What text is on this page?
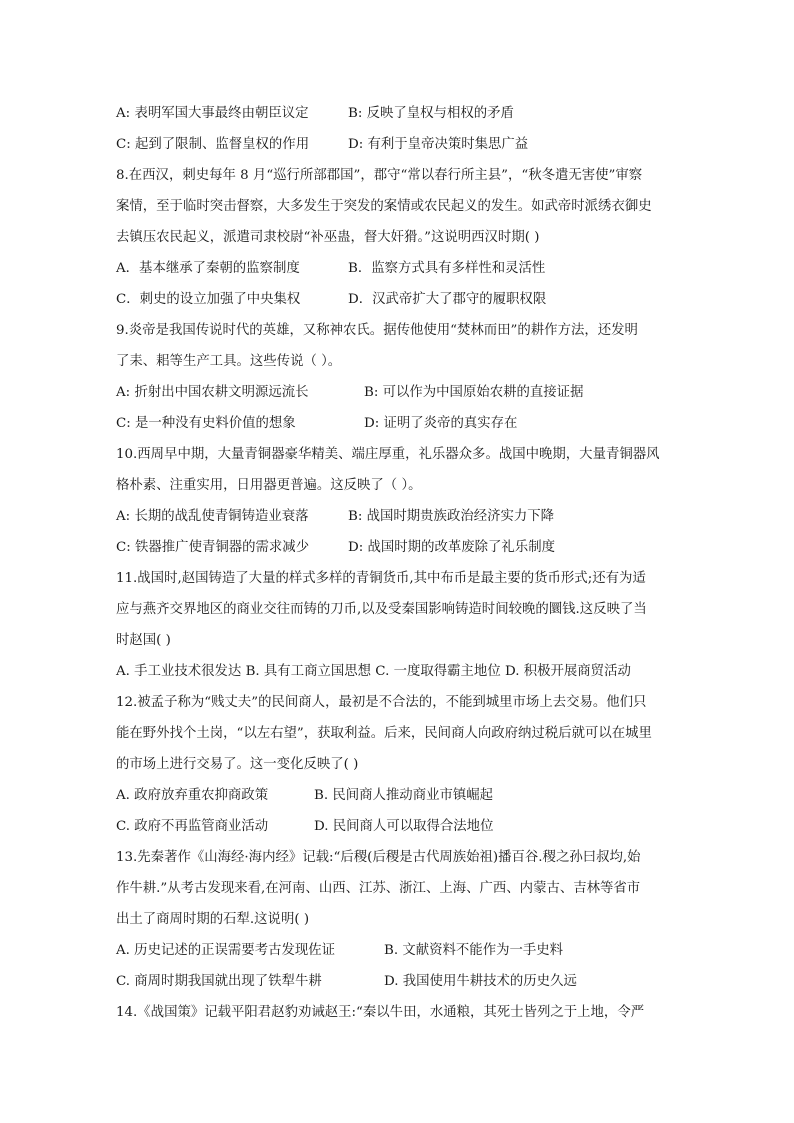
A: 表明军国大事最终由朝臣议定	B: 反映了皇权与相权的矛盾
C: 起到了限制、监督皇权的作用	D: 有利于皇帝决策时集思广益
8.在西汉，刺史每年 8 月“巡行所部郡国”，郡守“常以春行所主县”，“秋冬遣无害使”审察
案情，至于临时突击督察，大多发生于突发的案情或农民起义的发生。如武帝时派绣衣御史
去镇压农民起义，派遣司隶校尉“补巫蛊，督大奸猾。”这说明西汉时期( )
A．基本继承了秦朝的监察制度	B．监察方式具有多样性和灵活性
C．刺史的设立加强了中央集权	D．汉武帝扩大了郡守的履职权限
9.炎帝是我国传说时代的英雄，又称神农氏。据传他使用“焚林而田”的耕作方法，还发明
了耒、耜等生产工具。这些传说（ ）。
A: 折射出中国农耕文明源远流长	B: 可以作为中国原始农耕的直接证据
C: 是一种没有史料价值的想象	D: 证明了炎帝的真实存在
10.西周早中期，大量青铜器豪华精美、端庄厚重，礼乐器众多。战国中晚期，大量青铜器风
格朴素、注重实用，日用器更普遍。这反映了（ ）。
A: 长期的战乱使青铜铸造业衰落	B: 战国时期贵族政治经济实力下降
C: 铁器推广使青铜器的需求减少	D: 战国时期的改革废除了礼乐制度
11.战国时,赵国铸造了大量的样式多样的青铜货币,其中布币是最主要的货币形式;还有为适
应与燕齐交界地区的商业交往而铸的刀币,以及受秦国影响铸造时间较晚的圜钱.这反映了当
时赵国( )
A. 手工业技术很发达 B. 具有工商立国思想 C. 一度取得霸主地位 D. 积极开展商贸活动
12.被孟子称为“贱丈夫”的民间商人，最初是不合法的，不能到城里市场上去交易。他们只
能在野外找个土岗，“以左右望”，获取利益。后来，民间商人向政府纳过税后就可以在城里
的市场上进行交易了。这一变化反映了( )
A. 政府放弃重农抑商政策	B. 民间商人推动商业市镇崛起
C. 政府不再监管商业活动	D. 民间商人可以取得合法地位
13.先秦著作《山海经·海内经》记载:“后稷(后稷是古代周族始祖)播百谷.稷之孙曰叔均,始
作牛耕.”从考古发现来看,在河南、山西、江苏、浙江、上海、广西、内蒙古、吉林等省市
出土了商周时期的石犁.这说明( )
A. 历史记述的正误需要考古发现佐证	B. 文献资料不能作为一手史料
C. 商周时期我国就出现了铁犁牛耕	D. 我国使用牛耕技术的历史久远
14.《战国策》记载平阳君赵豹劝诫赵王:“秦以牛田，水通粮，其死士皆列之于上地，令严
